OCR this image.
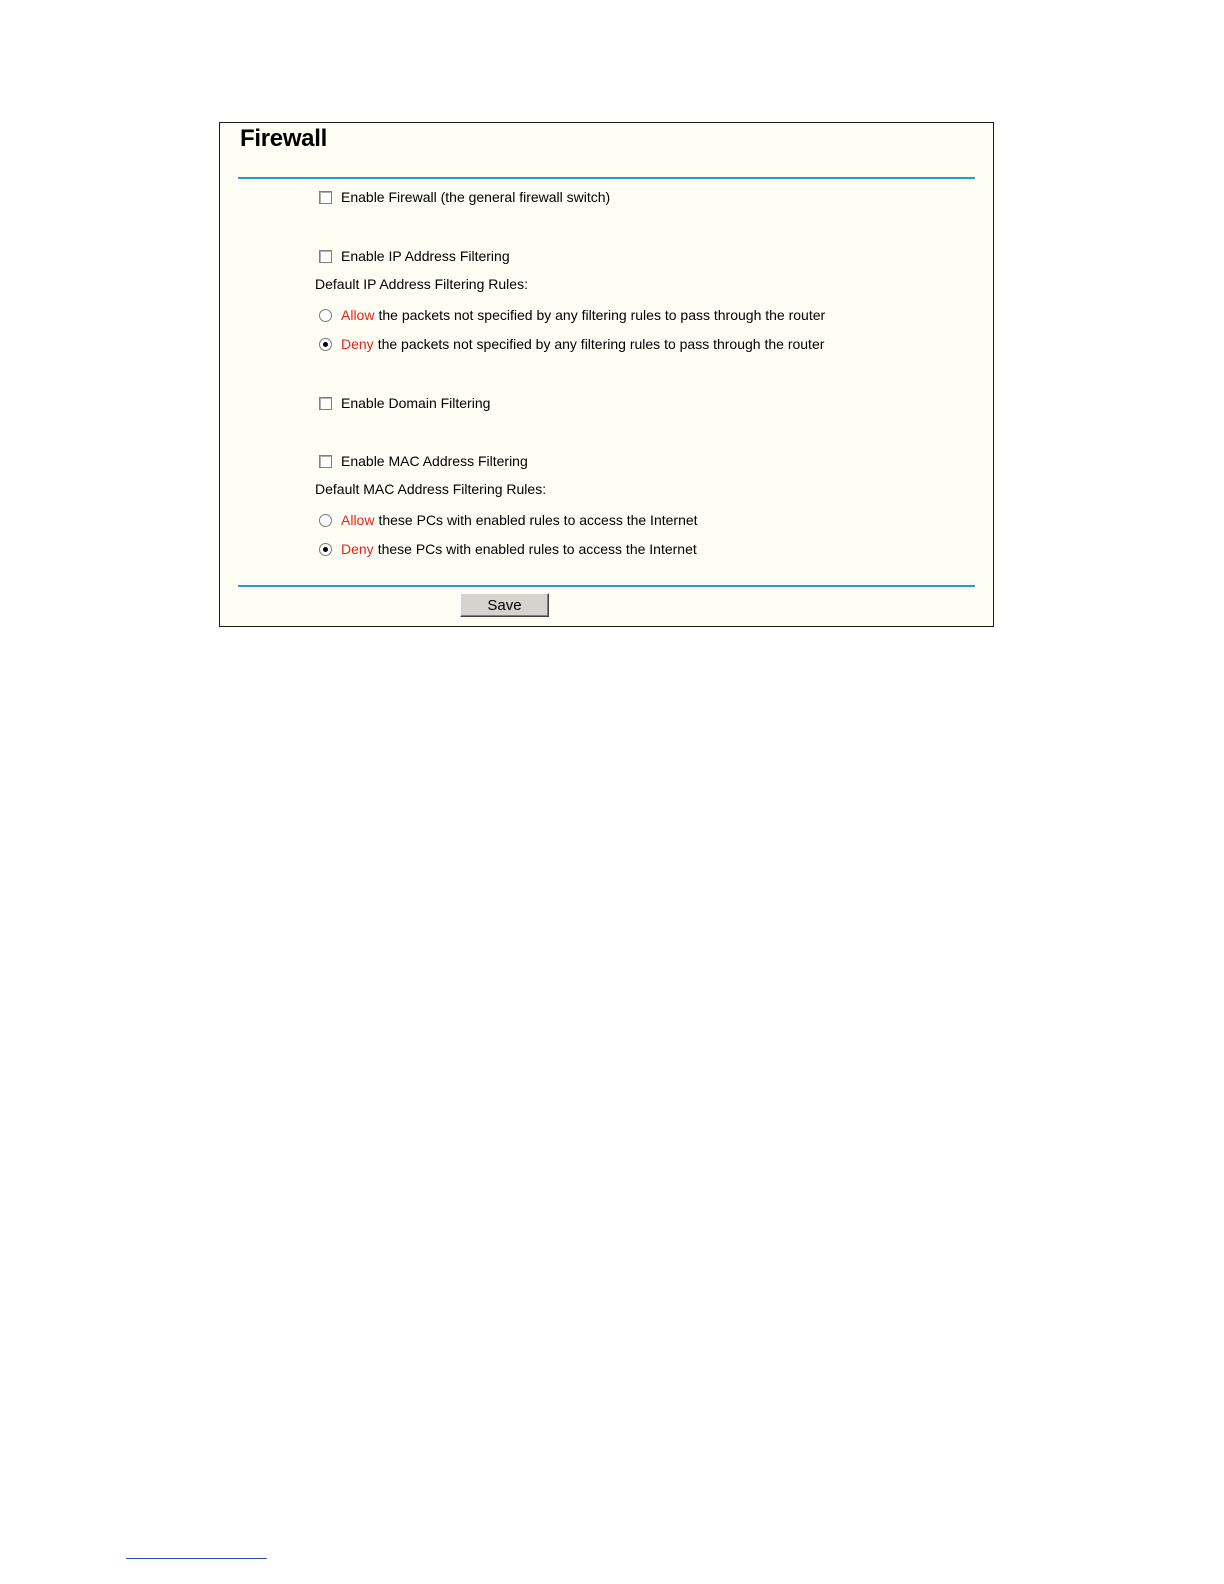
Firewall
Enable Firewall (the general firewall switch)
Enable IP Address Filtering
Default IP Address Filtering Rules:
Allow the packets not specified by any filtering rules to pass through the router
Deny the packets not specified by any filtering rules to pass through the router
Enable Domain Filtering
Enable MAC Address Filtering
Default MAC Address Filtering Rules:
Allow these PCs with enabled rules to access the Internet
Deny these PCs with enabled rules to access the Internet
Save
